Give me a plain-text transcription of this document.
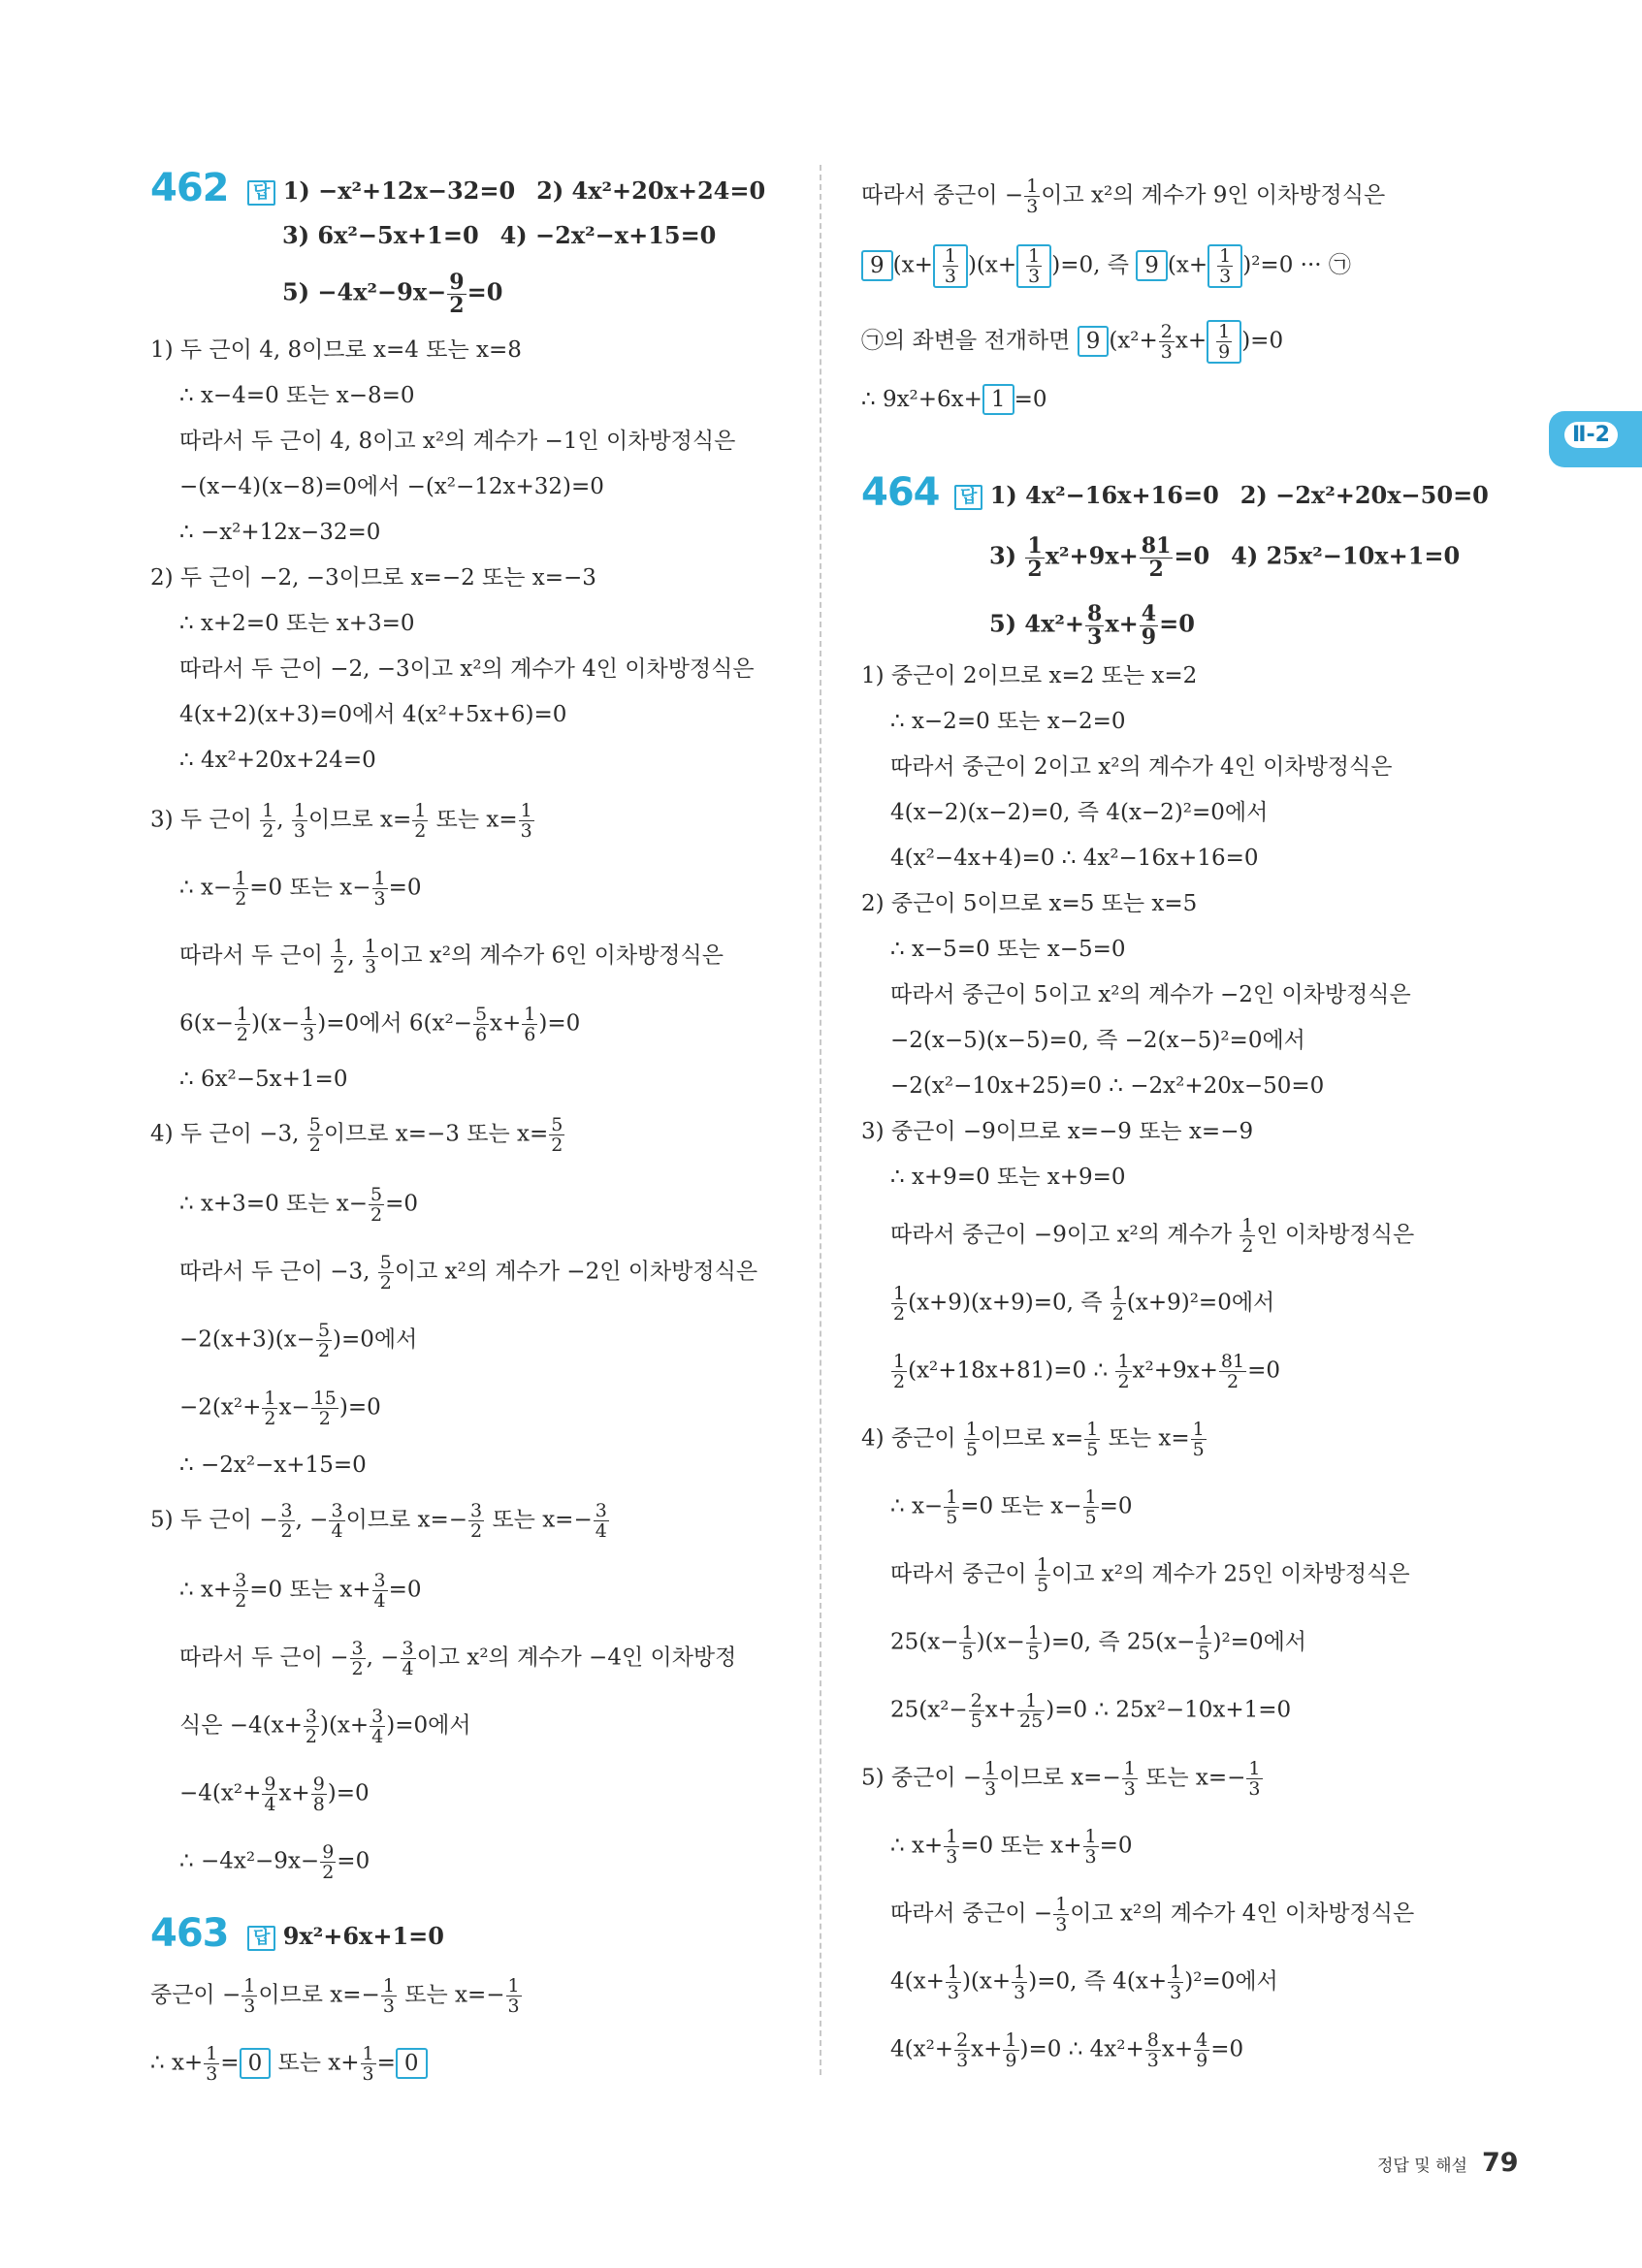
Ⅱ-2
462	답 1) −x²+12x−32=0 2) 4x²+20x+24=0
3) 6x²−5x+1=0 4) −2x²−x+15=0
$5) -4x^2-9x- \frac{9}{2} =0$
1) 두 근이 4, 8이므로 x=4 또는 x=8
∴ x−4=0 또는 x−8=0
따라서 두 근이 4, 8이고 x²의 계수가 −1인 이차방정식은
−(x−4)(x−8)=0에서 −(x²−12x+32)=0
∴ −x²+12x−32=0
2) 두 근이 −2, −3이므로 x=−2 또는 x=−3
∴ x+2=0 또는 x+3=0
따라서 두 근이 −2, −3이고 x²의 계수가 4인 이차방정식은
4(x+2)(x+3)=0에서 4(x²+5x+6)=0
∴ 4x²+20x+24=0
3) 두 근이 $\frac{1}{2}$ , $\frac{1}{3}$ 이므로 $x= \frac{1}{2}$ 또는 $x= \frac{1}{3}$
∴ $x- \frac{1}{2} =0$ 또는 $x- \frac{1}{3} =0$
따라서 두 근이 $\frac{1}{2}$ , $\frac{1}{3}$ 이고 x²의 계수가 6인 이차방정식은
$6(x- \frac{1}{2} )(x- \frac{1}{3} )=0$에서 $6(x^2- \frac{5}{6} x+ \frac{1}{6} )=0$
∴ 6x²−5x+1=0
4) 두 근이 −3, $\frac{5}{2}$ 이므로 x=−3 또는 $x= \frac{5}{2}$
∴ x+3=0 또는 $x- \frac{5}{2} =0$
따라서 두 근이 −3, $\frac{5}{2}$ 이고 x²의 계수가 −2인 이차방정식은
$-2(x+3)(x- \frac{5}{2} )=0$에서
$-2(x^2+ \frac{1}{2} x- \frac{15}{2} )=0$
∴ −2x²−x+15=0
5) 두 근이 − $\frac{3}{2}$ , − $\frac{3}{4}$ 이므로 $x=- \frac{3}{2}$ 또는 $x=- \frac{3}{4}$
∴ $x+ \frac{3}{2} =0$ 또는 $x+ \frac{3}{4} =0$
따라서 두 근이 − $\frac{3}{2}$ , − $\frac{3}{4}$ 이고 x²의 계수가 −4인 이차방정
식은 $-4(x+ \frac{3}{2} )(x+ \frac{3}{4} )=0$에서
$-4(x^2+ \frac{9}{4} x+ \frac{9}{8} )=0$
∴ $-4x^2-9x- \frac{9}{2} =0$
463	답 9x²+6x+1=0
중근이 − $\frac{1}{3}$ 이므로 $x=- \frac{1}{3}$ 또는 $x=- \frac{1}{3}$
∴ $x+ \frac{1}{3} = 0$ 또는 $x+ \frac{1}{3} = 0$
따라서 중근이 − $\frac{1}{3}$ 이고 x²의 계수가 9인 이차방정식은
9 $(x+ \frac{1}{3} )(x+ \frac{1}{3} )=0$, 즉 9 $(x+ \frac{1}{3} )^2=0$ ··· ㉠
㉠의 좌변을 전개하면 9 $(x^2+ \frac{2}{3} x+ \frac{1}{9} )=0$
∴ 9x²+6x+ 1 =0
464	답 1) 4x²−16x+16=0 2) −2x²+20x−50=0
$3) \frac{1}{2} x^2+9x+ \frac{81}{2} =0$ 4) 25x²−10x+1=0
5) $4x^2+ \frac{8}{3} x+ \frac{4}{9} =0$
1) 중근이 2이므로 x=2 또는 x=2
∴ x−2=0 또는 x−2=0
따라서 중근이 2이고 x²의 계수가 4인 이차방정식은
4(x−2)(x−2)=0, 즉 4(x−2)²=0에서
4(x²−4x+4)=0 ∴ 4x²−16x+16=0
2) 중근이 5이므로 x=5 또는 x=5
∴ x−5=0 또는 x−5=0
따라서 중근이 5이고 x²의 계수가 −2인 이차방정식은
−2(x−5)(x−5)=0, 즉 −2(x−5)²=0에서
−2(x²−10x+25)=0 ∴ −2x²+20x−50=0
3) 중근이 −9이므로 x=−9 또는 x=−9
∴ x+9=0 또는 x+9=0
따라서 중근이 −9이고 x²의 계수가 $\frac{1}{2}$ 인 이차방정식은
$\frac{1}{2} (x+9)(x+9)=0$, 즉 $\frac{1}{2} (x+9)^2=0$에서
$\frac{1}{2} (x^2+18x+81)=0$ ∴ $\frac{1}{2} x^2+9x+ \frac{81}{2} =0$
4) 중근이 $\frac{1}{5}$ 이므로 $x= \frac{1}{5}$ 또는 $x= \frac{1}{5}$
∴ $x- \frac{1}{5} =0$ 또는 $x- \frac{1}{5} =0$
따라서 중근이 $\frac{1}{5}$ 이고 x²의 계수가 25인 이차방정식은
$25(x- \frac{1}{5} )(x- \frac{1}{5} )=0$, 즉 $25(x- \frac{1}{5} )^2=0$에서
$25(x^2- \frac{2}{5} x+ \frac{1}{25} )=0$ ∴ 25x²−10x+1=0
5) 중근이 − $\frac{1}{3}$ 이므로 $x=- \frac{1}{3}$ 또는 $x=- \frac{1}{3}$
∴ $x+ \frac{1}{3} =0$ 또는 $x+ \frac{1}{3} =0$
따라서 중근이 − $\frac{1}{3}$ 이고 x²의 계수가 4인 이차방정식은
$4(x+ \frac{1}{3} )(x+ \frac{1}{3} )=0$, 즉 $4(x+ \frac{1}{3} )^2=0$에서
$4(x^2+ \frac{2}{3} x+ \frac{1}{9} )=0$ ∴ $4x^2+ \frac{8}{3} x+ \frac{4}{9} =0$
정답 및 해설 79
